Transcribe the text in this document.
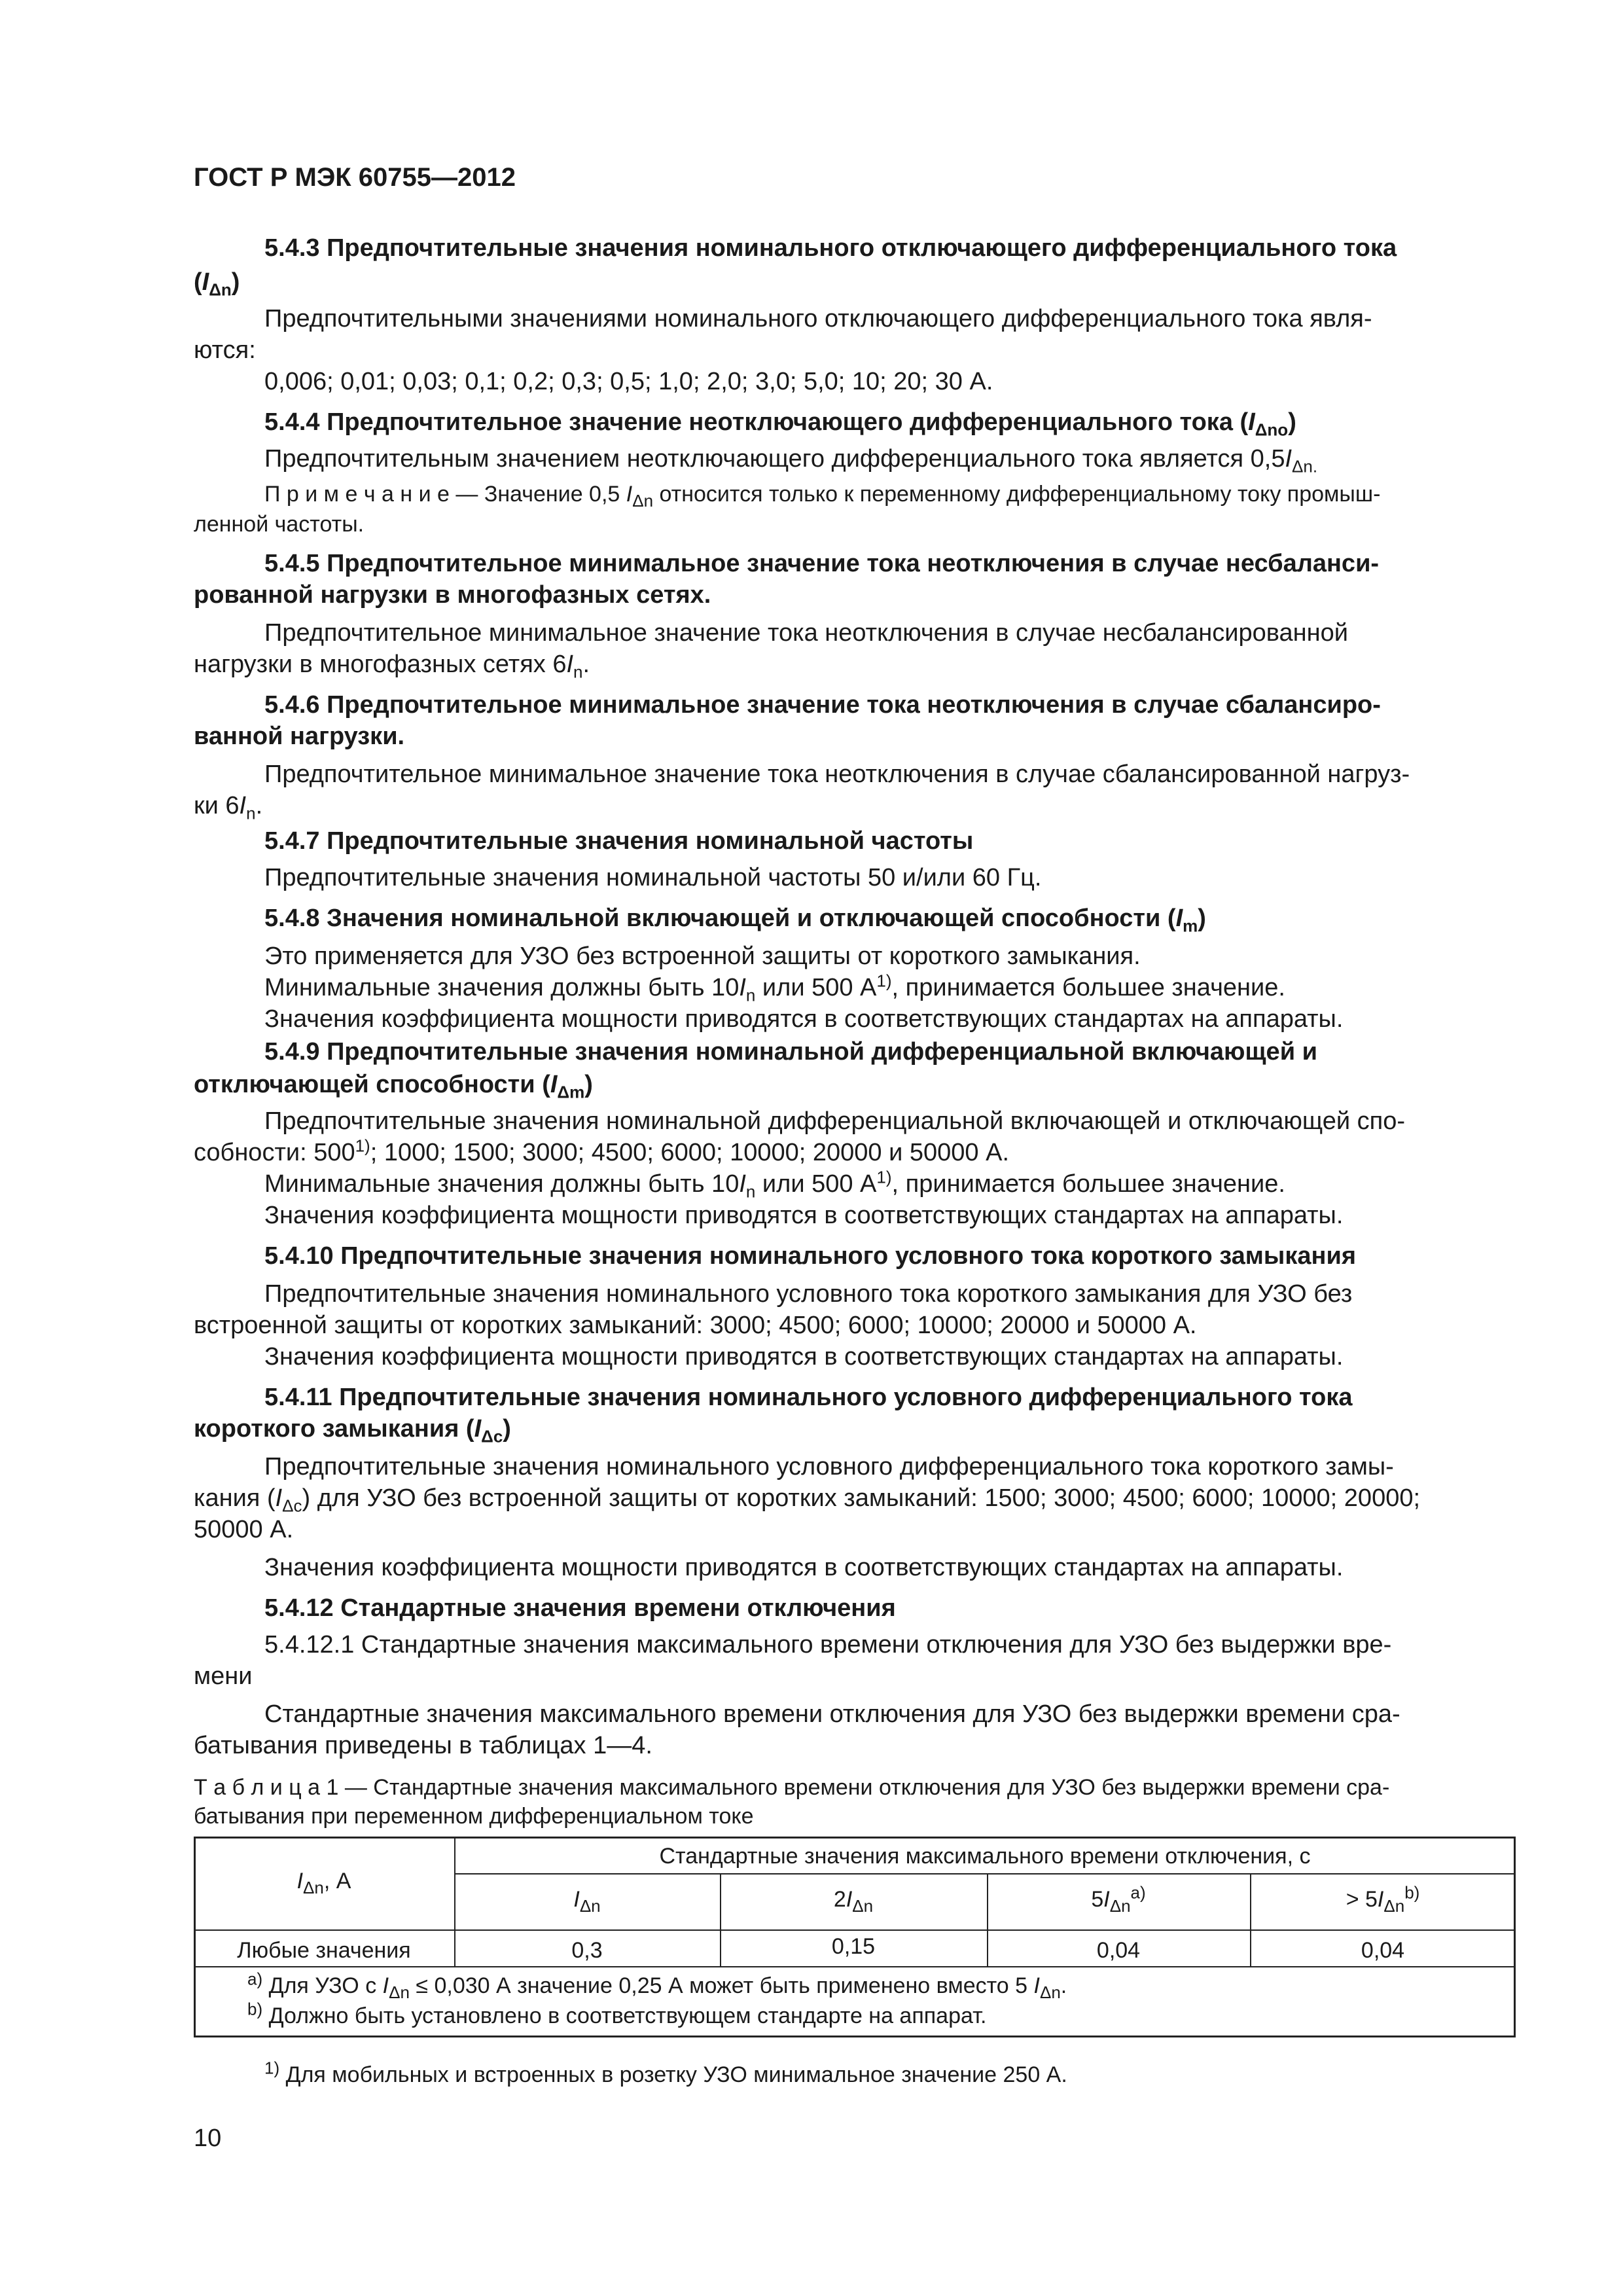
ГОСТ Р МЭК 60755—2012
5.4.3 Предпочтительные значения номинального отключающего дифференциального тока
$(I_{\Delta n})$
Предпочтительными значениями номинального отключающего дифференциального тока явля-
ются:
0,006; 0,01; 0,03; 0,1; 0,2; 0,3; 0,5; 1,0; 2,0; 3,0; 5,0; 10; 20; 30 А.
5.4.4 Предпочтительное значение неотключающего дифференциального тока $(I_{\Delta no})$
Предпочтительным значением неотключающего дифференциального тока является $0,5I_{\Delta n.}$
П р и м е ч а н и е — Значение 0,5 $I_{\Delta n}$ относится только к переменному дифференциальному току промыш-
ленной частоты.
5.4.5 Предпочтительное минимальное значение тока неотключения в случае несбаланси-
рованной нагрузки в многофазных сетях.
Предпочтительное минимальное значение тока неотключения в случае несбалансированной
нагрузки в многофазных сетях $6I_n$.
5.4.6 Предпочтительное минимальное значение тока неотключения в случае сбалансиро-
ванной нагрузки.
Предпочтительное минимальное значение тока неотключения в случае сбалансированной нагруз-
ки $6I_n$.
5.4.7 Предпочтительные значения номинальной частоты
Предпочтительные значения номинальной частоты 50 и/или 60 Гц.
5.4.8 Значения номинальной включающей и отключающей способности $(I_m)$
Это применяется для УЗО без встроенной защиты от короткого замыкания.
Минимальные значения должны быть $10I_n$ или 500 $А^{1)}$, принимается большее значение.
Значения коэффициента мощности приводятся в соответствующих стандартах на аппараты.
5.4.9 Предпочтительные значения номинальной дифференциальной включающей и
отключающей способности $(I_{\Delta m})$
Предпочтительные значения номинальной дифференциальной включающей и отключающей спо-
собности: 500$^{1)}$; 1000; 1500; 3000; 4500; 6000; 10000; 20000 и 50000 А.
Минимальные значения должны быть $10I_n$ или 500 $А^{1)}$, принимается большее значение.
Значения коэффициента мощности приводятся в соответствующих стандартах на аппараты.
5.4.10 Предпочтительные значения номинального условного тока короткого замыкания
Предпочтительные значения номинального условного тока короткого замыкания для УЗО без
встроенной защиты от коротких замыканий: 3000; 4500; 6000; 10000; 20000 и 50000 А.
Значения коэффициента мощности приводятся в соответствующих стандартах на аппараты.
5.4.11 Предпочтительные значения номинального условного дифференциального тока
короткого замыкания $(I_{\Delta c})$
Предпочтительные значения номинального условного дифференциального тока короткого замы-
кания $(I_{\Delta c})$ для УЗО без встроенной защиты от коротких замыканий: 1500; 3000; 4500; 6000; 10000; 20000;
50000 А.
Значения коэффициента мощности приводятся в соответствующих стандартах на аппараты.
5.4.12 Стандартные значения времени отключения
5.4.12.1 Стандартные значения максимального времени отключения для УЗО без выдержки вре-
мени
Стандартные значения максимального времени отключения для УЗО без выдержки времени сра-
батывания приведены в таблицах 1—4.
Т а б л и ц а 1 — Стандартные значения максимального времени отключения для УЗО без выдержки времени сра-
батывания при переменном дифференциальном токе
$I_{\Delta n}$, А
Стандартные значения максимального времени отключения, с
$I_{\Delta n}$	$2I_{\Delta n}$	$5I_{\Delta n}^{a)}$	> $5I_{\Delta n}^{b)}$
Любые значения	0,3	0,15	0,04	0,04
$^{a)}$ Для УЗО с $I_{\Delta n} \le 0,030$ А значение 0,25 А может быть применено вместо 5 $I_{\Delta n}$.
$^{b)}$ Должно быть установлено в соответствующем стандарте на аппарат.
$^{1)}$ Для мобильных и встроенных в розетку УЗО минимальное значение 250 А.
10
